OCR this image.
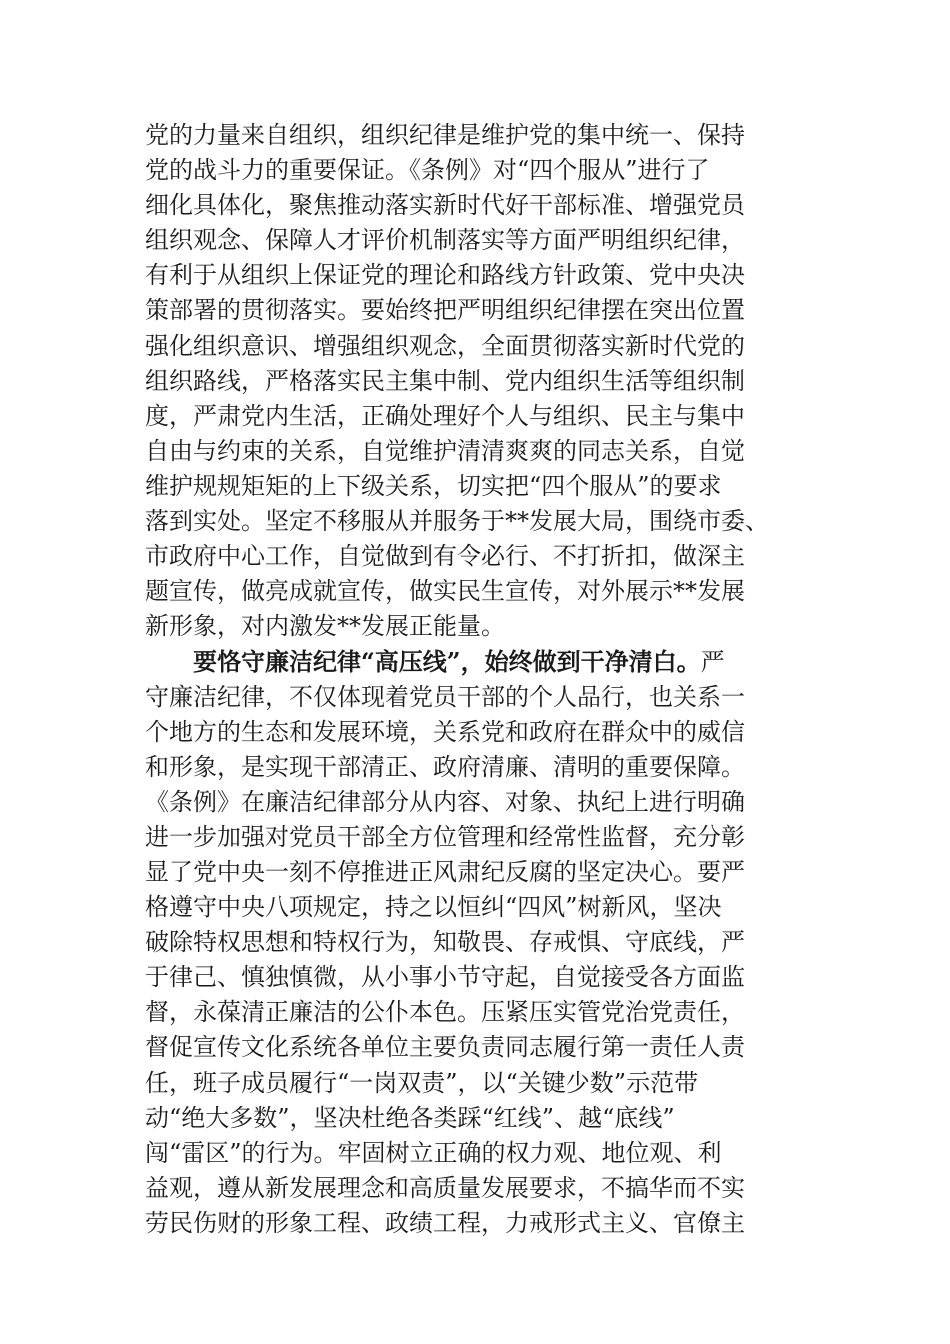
党的力量来自组织，组织纪律是维护党的集中统一、保持
党的战斗力的重要保证。《条例》对“四个服从”进行了
细化具体化，聚焦推动落实新时代好干部标准、增强党员
组织观念、保障人才评价机制落实等方面严明组织纪律，
有利于从组织上保证党的理论和路线方针政策、党中央决
策部署的贯彻落实。要始终把严明组织纪律摆在突出位置
强化组织意识、增强组织观念，全面贯彻落实新时代党的
组织路线，严格落实民主集中制、党内组织生活等组织制
度，严肃党内生活，正确处理好个人与组织、民主与集中
自由与约束的关系，自觉维护清清爽爽的同志关系，自觉
维护规规矩矩的上下级关系，切实把“四个服从”的要求
落到实处。坚定不移服从并服务于**发展大局，围绕市委、
市政府中心工作，自觉做到有令必行、不打折扣，做深主
题宣传，做亮成就宣传，做实民生宣传，对外展示**发展
新形象，对内激发**发展正能量。
要恪守廉洁纪律“高压线”，始终做到干净清白。严
守廉洁纪律，不仅体现着党员干部的个人品行，也关系一
个地方的生态和发展环境，关系党和政府在群众中的威信
和形象，是实现干部清正、政府清廉、清明的重要保障。
《条例》在廉洁纪律部分从内容、对象、执纪上进行明确
进一步加强对党员干部全方位管理和经常性监督，充分彰
显了党中央一刻不停推进正风肃纪反腐的坚定决心。要严
格遵守中央八项规定，持之以恒纠“四风”树新风，坚决
破除特权思想和特权行为，知敬畏、存戒惧、守底线，严
于律己、慎独慎微，从小事小节守起，自觉接受各方面监
督，永葆清正廉洁的公仆本色。压紧压实管党治党责任，
督促宣传文化系统各单位主要负责同志履行第一责任人责
任，班子成员履行“一岗双责”，以“关键少数”示范带
动“绝大多数”，坚决杜绝各类踩“红线”、越“底线”
闯“雷区”的行为。牢固树立正确的权力观、地位观、利
益观，遵从新发展理念和高质量发展要求，不搞华而不实
劳民伤财的形象工程、政绩工程，力戒形式主义、官僚主
